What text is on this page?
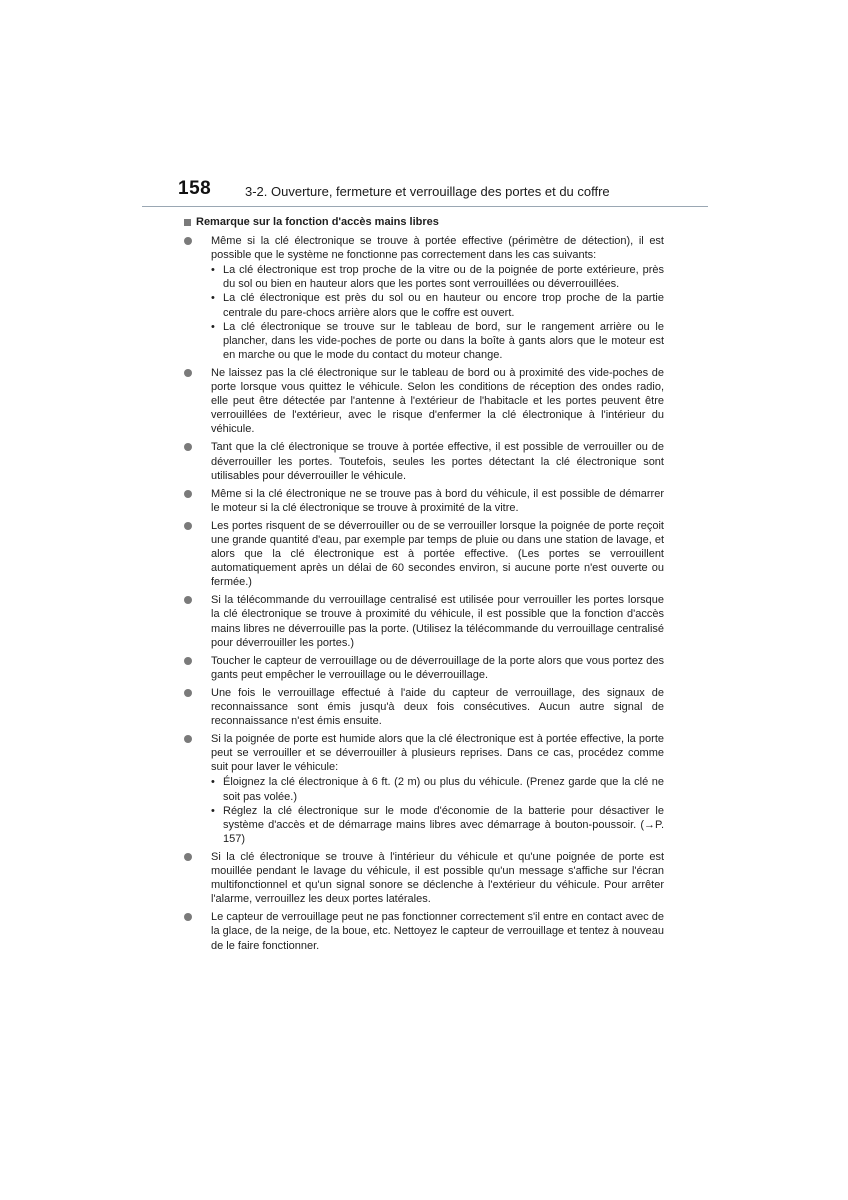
158	3-2. Ouverture, fermeture et verrouillage des portes et du coffre
Remarque sur la fonction d'accès mains libres
Même si la clé électronique se trouve à portée effective (périmètre de détection), il est possible que le système ne fonctionne pas correctement dans les cas suivants:
• La clé électronique est trop proche de la vitre ou de la poignée de porte extérieure, près du sol ou bien en hauteur alors que les portes sont verrouillées ou déverrouillées.
• La clé électronique est près du sol ou en hauteur ou encore trop proche de la partie centrale du pare-chocs arrière alors que le coffre est ouvert.
• La clé électronique se trouve sur le tableau de bord, sur le rangement arrière ou le plancher, dans les vide-poches de porte ou dans la boîte à gants alors que le moteur est en marche ou que le mode du contact du moteur change.
Ne laissez pas la clé électronique sur le tableau de bord ou à proximité des vide-poches de porte lorsque vous quittez le véhicule. Selon les conditions de réception des ondes radio, elle peut être détectée par l'antenne à l'extérieur de l'habitacle et les portes peuvent être verrouillées de l'extérieur, avec le risque d'enfermer la clé électronique à l'intérieur du véhicule.
Tant que la clé électronique se trouve à portée effective, il est possible de verrouiller ou de déverrouiller les portes. Toutefois, seules les portes détectant la clé électronique sont utilisables pour déverrouiller le véhicule.
Même si la clé électronique ne se trouve pas à bord du véhicule, il est possible de démarrer le moteur si la clé électronique se trouve à proximité de la vitre.
Les portes risquent de se déverrouiller ou de se verrouiller lorsque la poignée de porte reçoit une grande quantité d'eau, par exemple par temps de pluie ou dans une station de lavage, et alors que la clé électronique est à portée effective. (Les portes se verrouillent automatiquement après un délai de 60 secondes environ, si aucune porte n'est ouverte ou fermée.)
Si la télécommande du verrouillage centralisé est utilisée pour verrouiller les portes lorsque la clé électronique se trouve à proximité du véhicule, il est possible que la fonction d'accès mains libres ne déverrouille pas la porte. (Utilisez la télécommande du verrouillage centralisé pour déverrouiller les portes.)
Toucher le capteur de verrouillage ou de déverrouillage de la porte alors que vous portez des gants peut empêcher le verrouillage ou le déverrouillage.
Une fois le verrouillage effectué à l'aide du capteur de verrouillage, des signaux de reconnaissance sont émis jusqu'à deux fois consécutives. Aucun autre signal de reconnaissance n'est émis ensuite.
Si la poignée de porte est humide alors que la clé électronique est à portée effective, la porte peut se verrouiller et se déverrouiller à plusieurs reprises. Dans ce cas, procédez comme suit pour laver le véhicule:
• Éloignez la clé électronique à 6 ft. (2 m) ou plus du véhicule. (Prenez garde que la clé ne soit pas volée.)
• Réglez la clé électronique sur le mode d'économie de la batterie pour désactiver le système d'accès et de démarrage mains libres avec démarrage à bouton-poussoir. (→P. 157)
Si la clé électronique se trouve à l'intérieur du véhicule et qu'une poignée de porte est mouillée pendant le lavage du véhicule, il est possible qu'un message s'affiche sur l'écran multifonctionnel et qu'un signal sonore se déclenche à l'extérieur du véhicule. Pour arrêter l'alarme, verrouillez les deux portes latérales.
Le capteur de verrouillage peut ne pas fonctionner correctement s'il entre en contact avec de la glace, de la neige, de la boue, etc. Nettoyez le capteur de verrouillage et tentez à nouveau de le faire fonctionner.
